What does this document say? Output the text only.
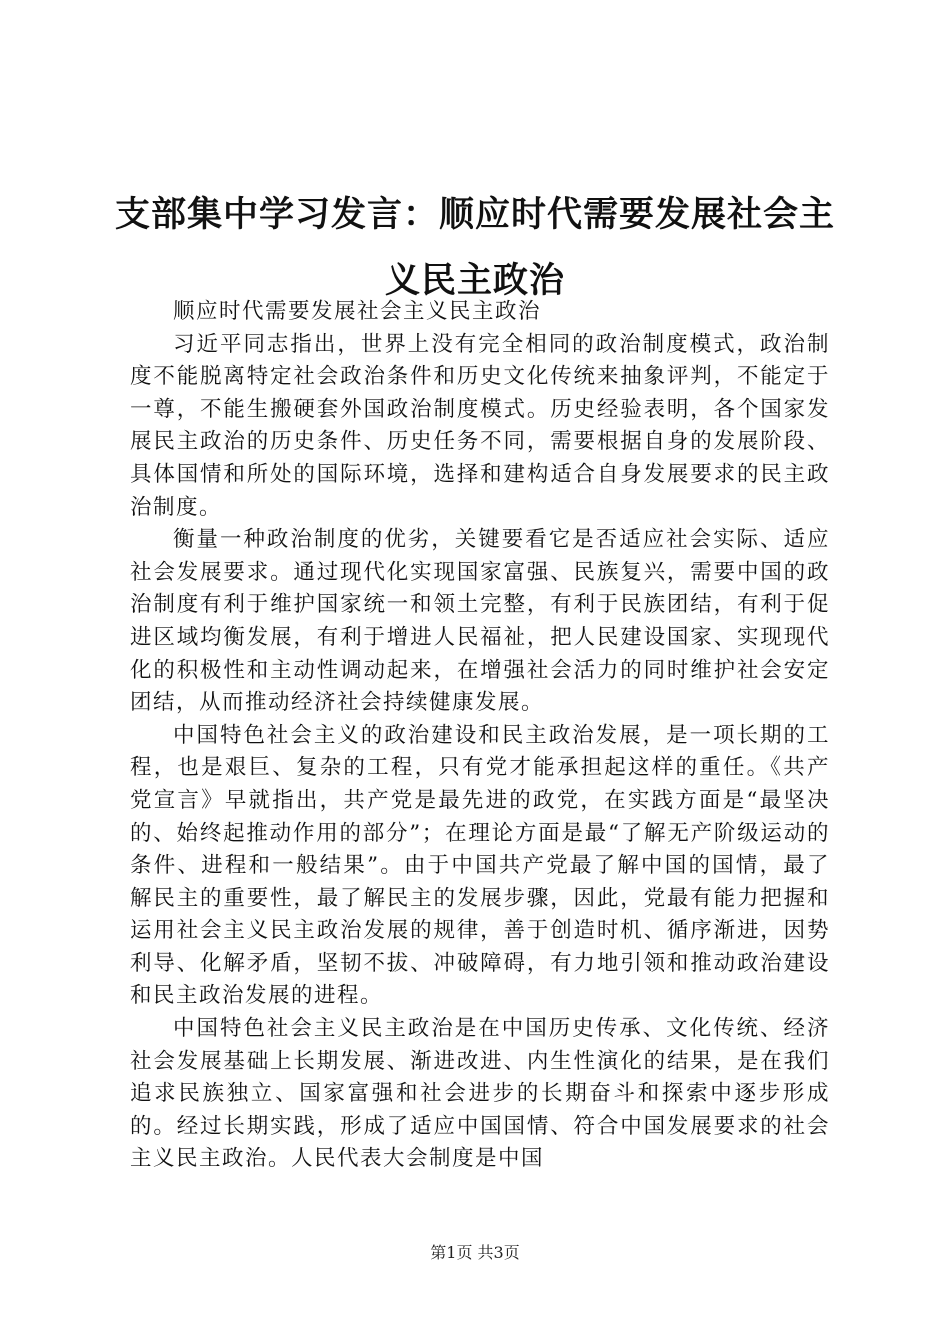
支部集中学习发言：顺应时代需要发展社会主
义民主政治

顺应时代需要发展社会主义民主政治

习近平同志指出，世界上没有完全相同的政治制度模式，政治制度不能脱离特定社会政治条件和历史文化传统来抽象评判，不能定于一尊，不能生搬硬套外国政治制度模式。历史经验表明，各个国家发展民主政治的历史条件、历史任务不同，需要根据自身的发展阶段、具体国情和所处的国际环境，选择和建构适合自身发展要求的民主政治制度。

衡量一种政治制度的优劣，关键要看它是否适应社会实际、适应社会发展要求。通过现代化实现国家富强、民族复兴，需要中国的政治制度有利于维护国家统一和领土完整，有利于民族团结，有利于促进区域均衡发展，有利于增进人民福祉，把人民建设国家、实现现代化的积极性和主动性调动起来，在增强社会活力的同时维护社会安定团结，从而推动经济社会持续健康发展。

中国特色社会主义的政治建设和民主政治发展，是一项长期的工程，也是艰巨、复杂的工程，只有党才能承担起这样的重任。《共产党宣言》早就指出，共产党是最先进的政党，在实践方面是“最坚决的、始终起推动作用的部分”；在理论方面是最“了解无产阶级运动的条件、进程和一般结果”。由于中国共产党最了解中国的国情，最了解民主的重要性，最了解民主的发展步骤，因此，党最有能力把握和运用社会主义民主政治发展的规律，善于创造时机、循序渐进，因势利导、化解矛盾，坚韧不拔、冲破障碍，有力地引领和推动政治建设和民主政治发展的进程。

中国特色社会主义民主政治是在中国历史传承、文化传统、经济社会发展基础上长期发展、渐进改进、内生性演化的结果，是在我们追求民族独立、国家富强和社会进步的长期奋斗和探索中逐步形成的。经过长期实践，形成了适应中国国情、符合中国发展要求的社会主义民主政治。人民代表大会制度是中国

第1页 共3页
